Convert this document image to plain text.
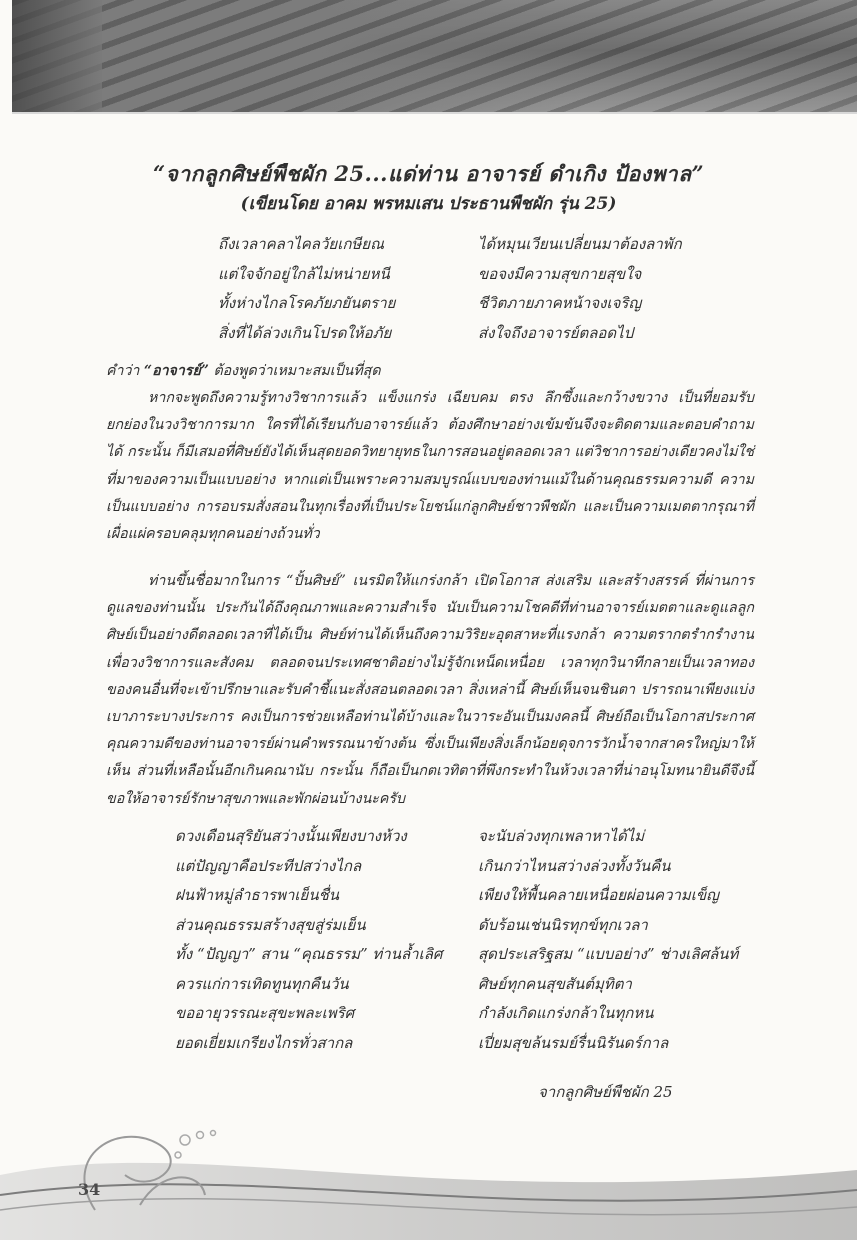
“จากลูกศิษย์พืชผัก 25...แด่ท่าน อาจารย์ ดำเกิง ป้องพาล”
(เขียนโดย อาคม พรหมเสน ประธานพืชผัก รุ่น 25)
ถึงเวลาคลาไคลวัยเกษียณ
แต่ใจจักอยู่ใกล้ไม่หน่ายหนี
ทั้งห่างไกลโรคภัยภยันตราย
สิ่งที่ได้ล่วงเกินโปรดให้อภัย
ได้หมุนเวียนเปลี่ยนมาต้องลาพัก
ขอจงมีความสุขกายสุขใจ
ชีวิตภายภาคหน้าจงเจริญ
ส่งใจถึงอาจารย์ตลอดไป
คำว่า “อาจารย์” ต้องพูดว่าเหมาะสมเป็นที่สุด
หากจะพูดถึงความรู้ทางวิชาการแล้ว แข็งแกร่ง เฉียบคม ตรง ลึกซึ้งและกว้างขวาง เป็นที่ยอมรับยกย่องในวงวิชาการมาก ใครที่ได้เรียนกับอาจารย์แล้ว ต้องศึกษาอย่างเข้มข้นจึงจะติดตามและตอบคำถามได้ กระนั้น ก็มีเสมอที่ศิษย์ยังได้เห็นสุดยอดวิทยายุทธในการสอนอยู่ตลอดเวลา แต่วิชาการอย่างเดียวคงไม่ใช่ที่มาของความเป็นแบบอย่าง หากแต่เป็นเพราะความสมบูรณ์แบบของท่านแม้ในด้านคุณธรรมความดี ความเป็นแบบอย่าง การอบรมสั่งสอนในทุกเรื่องที่เป็นประโยชน์แก่ลูกศิษย์ชาวพืชผัก และเป็นความเมตตากรุณาที่เผื่อแผ่ครอบคลุมทุกคนอย่างถ้วนทั่ว
ท่านขึ้นชื่อมากในการ “ปั้นศิษย์” เนรมิตให้แกร่งกล้า เปิดโอกาส ส่งเสริม และสร้างสรรค์ ที่ผ่านการดูแลของท่านนั้น ประกันได้ถึงคุณภาพและความสำเร็จ นับเป็นความโชคดีที่ท่านอาจารย์เมตตาและดูแลลูกศิษย์เป็นอย่างดีตลอดเวลาที่ได้เป็น ศิษย์ท่านได้เห็นถึงความวิริยะอุตสาหะที่แรงกล้า ความตรากตรำกรำงานเพื่อวงวิชาการและสังคม ตลอดจนประเทศชาติอย่างไม่รู้จักเหน็ดเหนื่อย เวลาทุกวินาทีกลายเป็นเวลาทองของคนอื่นที่จะเข้าปรึกษาและรับคำชี้แนะสั่งสอนตลอดเวลา สิ่งเหล่านี้ ศิษย์เห็นจนชินตา ปรารถนาเพียงแบ่งเบาภาระบางประการ คงเป็นการช่วยเหลือท่านได้บ้างและในวาระอันเป็นมงคลนี้ ศิษย์ถือเป็นโอกาสประกาศคุณความดีของท่านอาจารย์ผ่านคำพรรณนาข้างต้น ซึ่งเป็นเพียงสิ่งเล็กน้อยดุจการวักน้ำจากสาครใหญ่มาให้เห็น ส่วนที่เหลือนั้นอีกเกินคณานับ กระนั้น ก็ถือเป็นกตเวทิตาที่พึงกระทำในห้วงเวลาที่น่าอนุโมทนายินดีจึงนี้ขอให้อาจารย์รักษาสุขภาพและพักผ่อนบ้างนะครับ
ดวงเดือนสุริยันสว่างนั้นเพียงบางห้วง
แต่ปัญญาคือประทีปสว่างไกล
ฝนฟ้าหมู่ลำธารพาเย็นชื่น
ส่วนคุณธรรมสร้างสุขสู่ร่มเย็น
ทั้ง “ปัญญา” สาน “คุณธรรม” ท่านล้ำเลิศ
ควรแก่การเทิดทูนทุกคืนวัน
ขออายุวรรณะสุขะพละเพริศ
ยอดเยี่ยมเกรียงไกรทั่วสากล
จะนับล่วงทุกเพลาหาได้ไม่
เกินกว่าไหนสว่างล่วงทั้งวันคืน
เพียงให้พื้นคลายเหนื่อยผ่อนความเข็ญ
ดับร้อนเช่นนิรทุกข์ทุกเวลา
สุดประเสริฐสม “แบบอย่าง” ช่างเลิศล้นท์
ศิษย์ทุกคนสุขสันต์มุทิตา
กำลังเกิดแกร่งกล้าในทุกหน
เปี่ยมสุขล้นรมย์รื่นนิรันดร์กาล
จากลูกศิษย์พืชผัก 25
34
